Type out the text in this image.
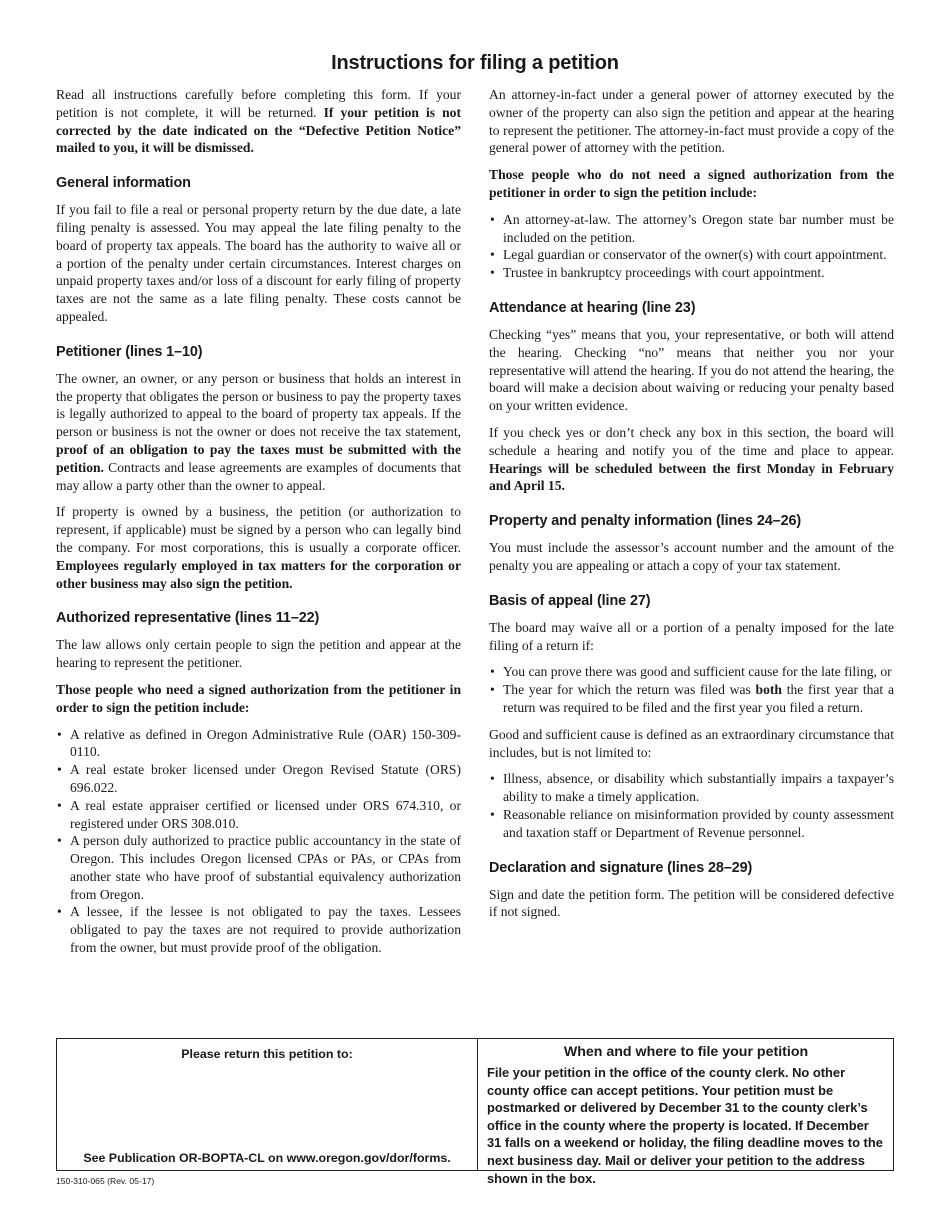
Instructions for filing a petition

Read all instructions carefully before completing this form. If your petition is not complete, it will be returned. If your petition is not corrected by the date indicated on the “Defective Petition Notice” mailed to you, it will be dismissed.

General information

If you fail to file a real or personal property return by the due date, a late filing penalty is assessed. You may appeal the late filing penalty to the board of property tax appeals. The board has the authority to waive all or a portion of the penalty under certain circumstances. Interest charges on unpaid property taxes and/or loss of a discount for early filing of property taxes are not the same as a late filing penalty. These costs cannot be appealed.

Petitioner (lines 1–10)

The owner, an owner, or any person or business that holds an interest in the property that obligates the person or business to pay the property taxes is legally authorized to appeal to the board of property tax appeals. If the person or business is not the owner or does not receive the tax statement, proof of an obligation to pay the taxes must be submitted with the petition. Contracts and lease agreements are examples of documents that may allow a party other than the owner to appeal.

If property is owned by a business, the petition (or authorization to represent, if applicable) must be signed by a person who can legally bind the company. For most corporations, this is usually a corporate officer. Employees regularly employed in tax matters for the corporation or other business may also sign the petition.

Authorized representative (lines 11–22)

The law allows only certain people to sign the petition and appear at the hearing to represent the petitioner.

Those people who need a signed authorization from the petitioner in order to sign the petition include:

• A relative as defined in Oregon Administrative Rule (OAR) 150-309-0110.
• A real estate broker licensed under Oregon Revised Statute (ORS) 696.022.
• A real estate appraiser certified or licensed under ORS 674.310, or registered under ORS 308.010.
• A person duly authorized to practice public accountancy in the state of Oregon. This includes Oregon licensed CPAs or PAs, or CPAs from another state who have proof of substantial equivalency authorization from Oregon.
• A lessee, if the lessee is not obligated to pay the taxes. Lessees obligated to pay the taxes are not required to provide authorization from the owner, but must provide proof of the obligation.

An attorney-in-fact under a general power of attorney executed by the owner of the property can also sign the petition and appear at the hearing to represent the petitioner. The attorney-in-fact must provide a copy of the general power of attorney with the petition.

Those people who do not need a signed authorization from the petitioner in order to sign the petition include:

• An attorney-at-law. The attorney’s Oregon state bar number must be included on the petition.
• Legal guardian or conservator of the owner(s) with court appointment.
• Trustee in bankruptcy proceedings with court appointment.
Attendance at hearing (line 23)

Checking “yes” means that you, your representative, or both will attend the hearing. Checking “no” means that neither you nor your representative will attend the hearing. If you do not attend the hearing, the board will make a decision about waiving or reducing your penalty based on your written evidence.

If you check yes or don’t check any box in this section, the board will schedule a hearing and notify you of the time and place to appear. Hearings will be scheduled between the first Monday in February and April 15.

Property and penalty information (lines 24–26)

You must include the assessor’s account number and the amount of the penalty you are appealing or attach a copy of your tax statement.

Basis of appeal (line 27)

The board may waive all or a portion of a penalty imposed for the late filing of a return if:

• You can prove there was good and sufficient cause for the late filing, or
• The year for which the return was filed was both the first year that a return was required to be filed and the first year you filed a return.

Good and sufficient cause is defined as an extraordinary circumstance that includes, but is not limited to:

• Illness, absence, or disability which substantially impairs a taxpayer’s ability to make a timely application.
• Reasonable reliance on misinformation provided by county assessment and taxation staff or Department of Revenue personnel.
Declaration and signature (lines 28–29)

Sign and date the petition form. The petition will be considered defective if not signed.

Please return this petition to:
See Publication OR-BOPTA-CL on www.oregon.gov/dor/forms.
When and where to file your petition
File your petition in the office of the county clerk. No other county office can accept petitions. Your petition must be postmarked or delivered by December 31 to the county clerk’s office in the county where the property is located. If December 31 falls on a weekend or holiday, the filing deadline moves to the next business day. Mail or deliver your petition to the address shown in the box.
150-310-065 (Rev. 05-17)
